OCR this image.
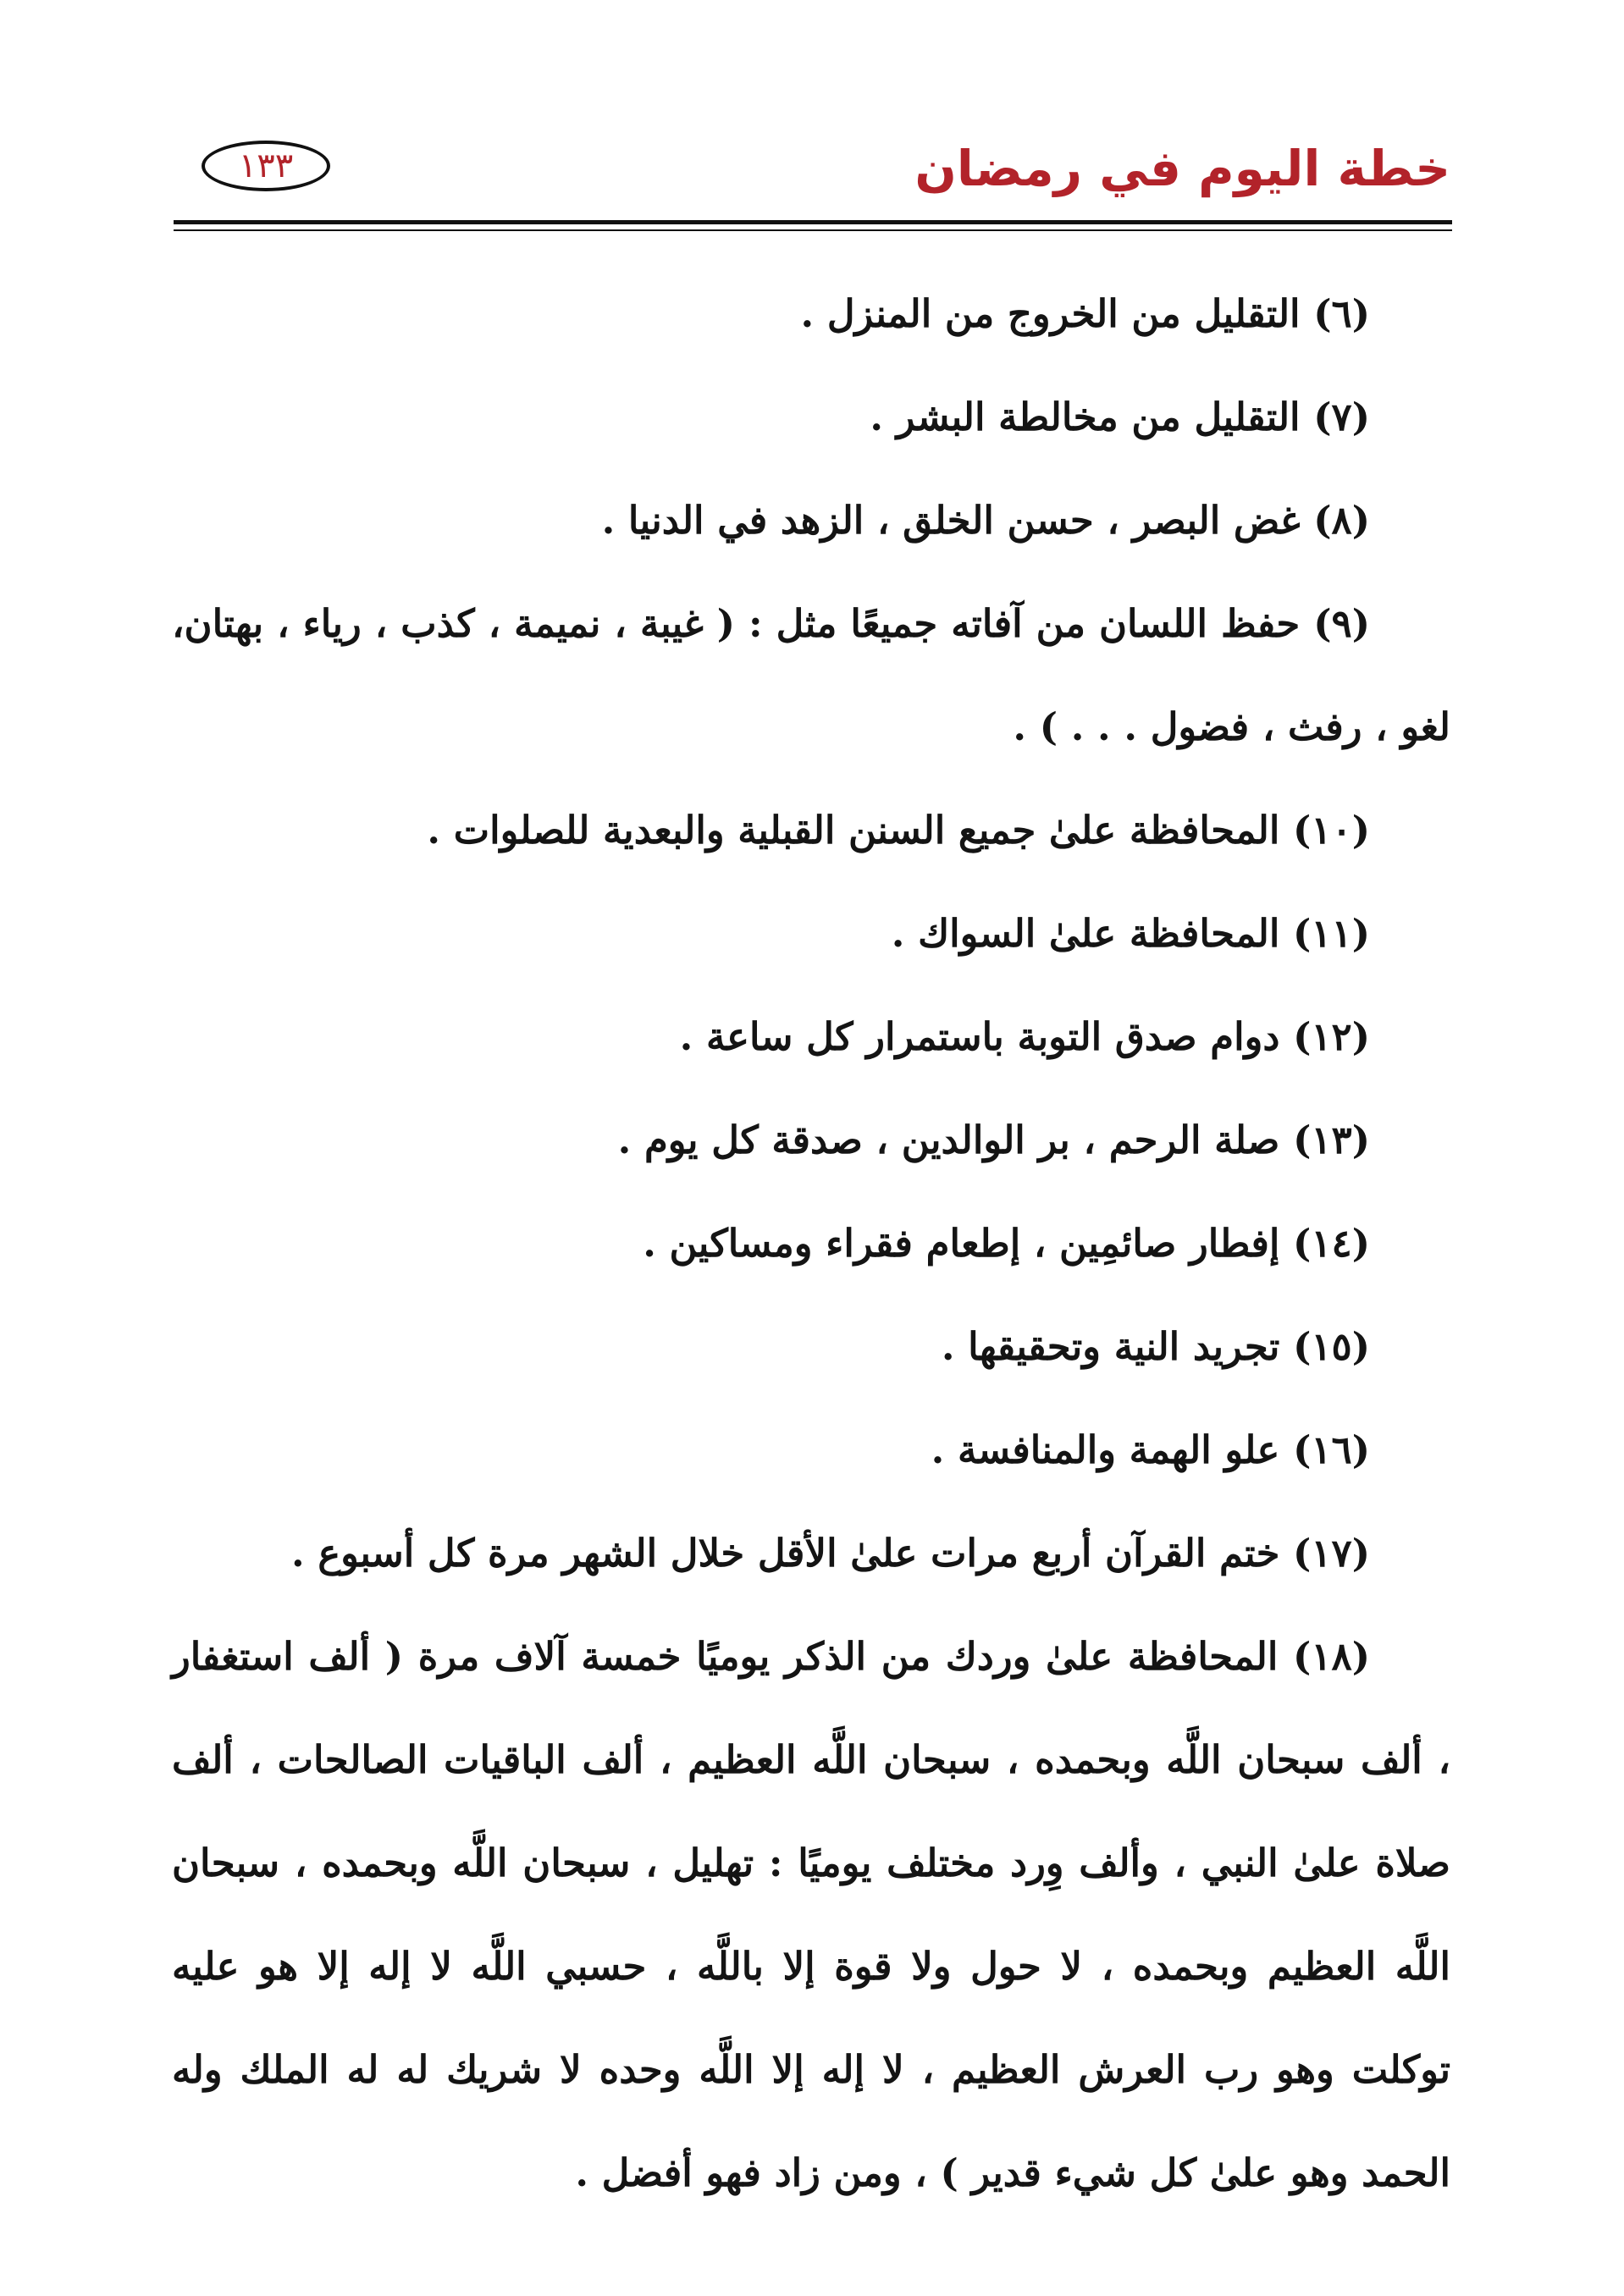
خطة اليوم في رمضان
١٣٣

(٦) التقليل من الخروج من المنزل .

(٧) التقليل من مخالطة البشر .

(٨) غض البصر ، حسن الخلق ، الزهد في الدنيا .

(٩) حفظ اللسان من آفاته جميعًا مثل : ( غيبة ، نميمة ، كذب ، رياء ، بهتان، لغو ، رفث ، فضول . . . ) .

(١٠) المحافظة علىٰ جميع السنن القبلية والبعدية للصلوات .

(١١) المحافظة علىٰ السواك .

(١٢) دوام صدق التوبة باستمرار كل ساعة .

(١٣) صلة الرحم ، بر الوالدين ، صدقة كل يوم .

(١٤) إفطار صائمِين ، إطعام فقراء ومساكين .

(١٥) تجريد النية وتحقيقها .

(١٦) علو الهمة والمنافسة .

(١٧) ختم القرآن أربع مرات علىٰ الأقل خلال الشهر مرة كل أسبوع .

(١٨) المحافظة علىٰ وردك من الذكر يوميًا خمسة آلاف مرة ( ألف استغفار ، ألف سبحان اللَّه وبحمده ، سبحان اللَّه العظيم ، ألف الباقيات الصالحات ، ألف صلاة علىٰ النبي ، وألف وِرد مختلف يوميًا : تهليل ، سبحان اللَّه وبحمده ، سبحان اللَّه العظيم وبحمده ، لا حول ولا قوة إلا باللَّه ، حسبي اللَّه لا إله إلا هو عليه توكلت وهو رب العرش العظيم ، لا إله إلا اللَّه وحده لا شريك له له الملك وله الحمد وهو علىٰ كل شيء قدير ) ، ومن زاد فهو أفضل .
